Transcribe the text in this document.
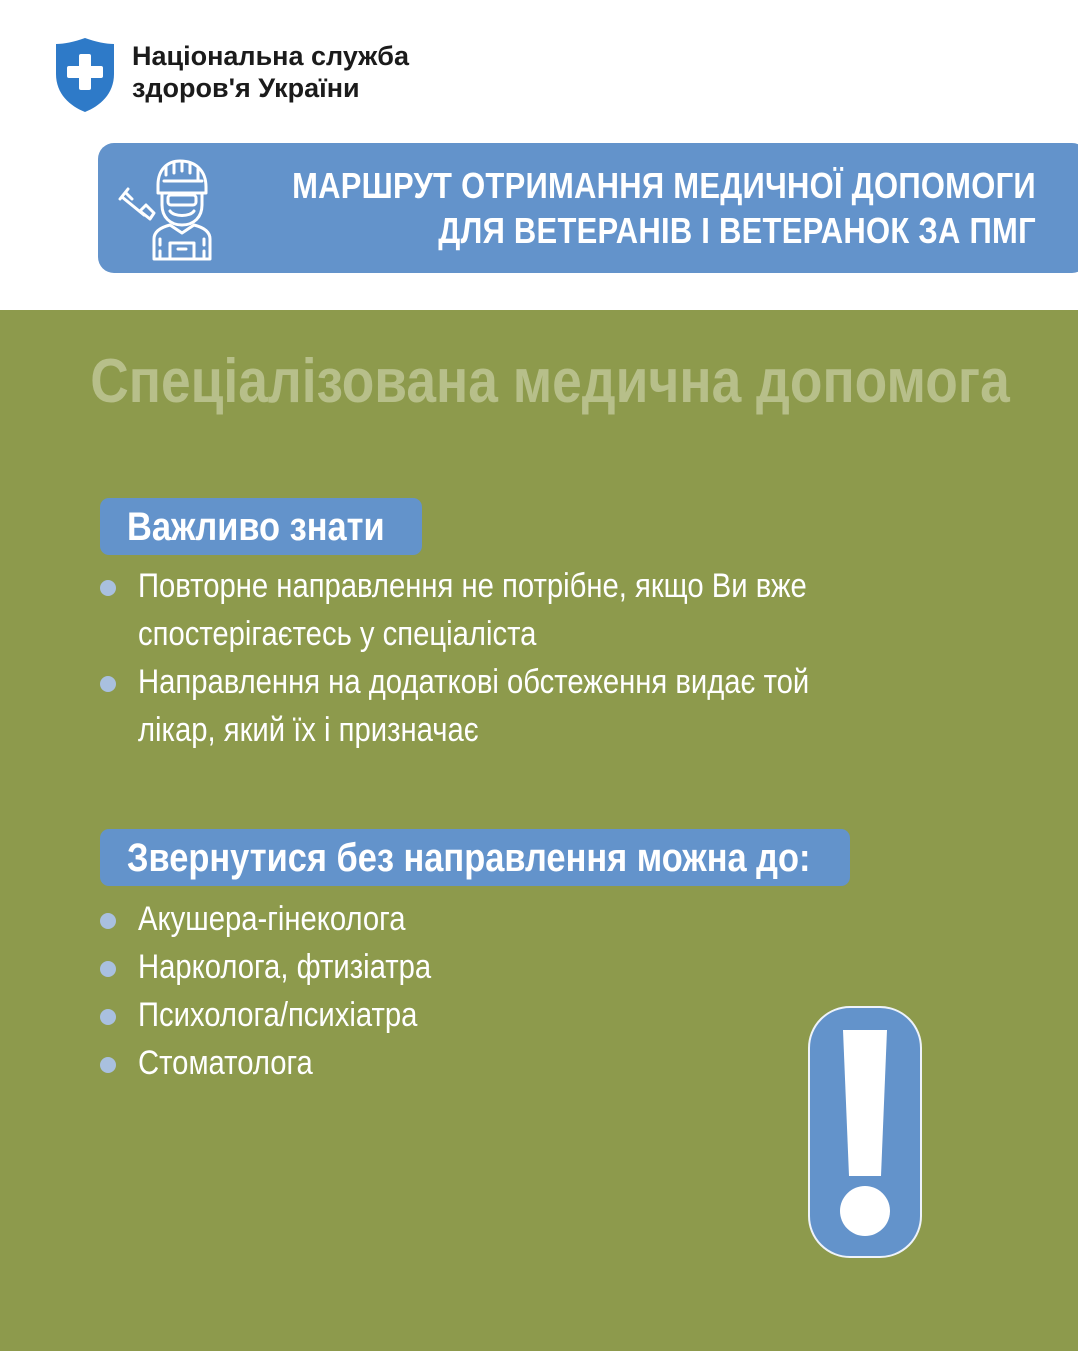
Національна служба
здоров'я України
МАРШРУТ ОТРИМАННЯ МЕДИЧНОЇ ДОПОМОГИ
ДЛЯ ВЕТЕРАНІВ І ВЕТЕРАНОК ЗА ПМГ
Спеціалізована медична допомога
Важливо знати
Повторне направлення не потрібне, якщо Ви вже
спостерігаєтесь у спеціаліста
Направлення на додаткові обстеження видає той
лікар, який їх і призначає
Звернутися без направлення можна до:
Акушера-гінеколога
Нарколога, фтизіатра
Психолога/психіатра
Стоматолога
